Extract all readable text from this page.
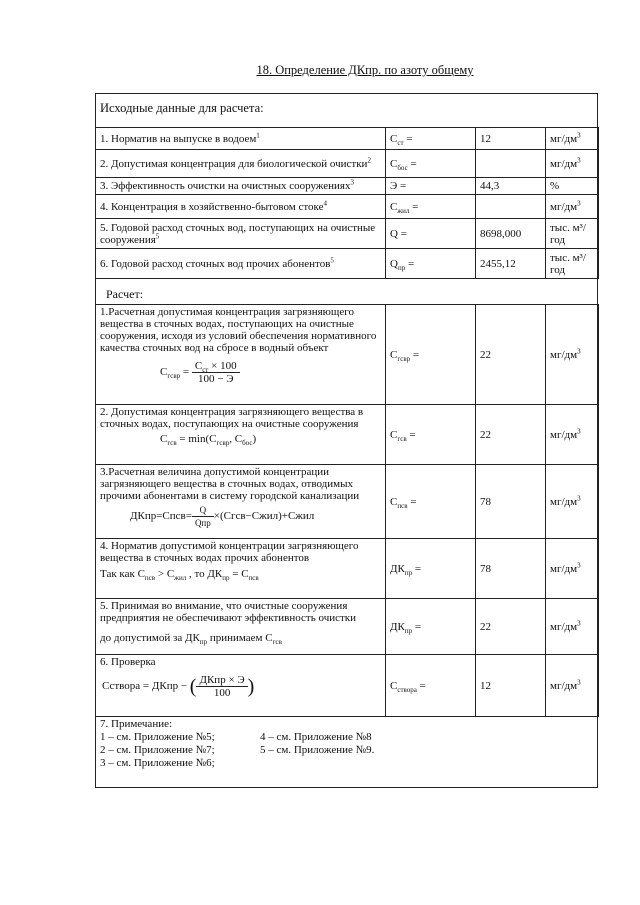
18. Определение ДКпр. по азоту общему
Исходные данные для расчета:
1. Норматив на выпуске в водоем$^1$	$С_{ст}$ =	12	$мг/дм^3$
2. Допустимая концентрация для биологической очистки$^2$	$С_{бос}$ =		$мг/дм^3$
3. Эффективность очистки на очистных сооружениях$^3$	Э =	44,3	%
4. Концентрация в хозяйственно-бытовом стоке$^4$	$С_{жил}$ =		$мг/дм^3$
5. Годовой расход сточных вод, поступающих на очистные сооружения$^5$	Q =	8698,000	тыс. м³/год
6. Годовой расход сточных вод прочих абонентов$^5$	$Q_{пр}$ =	2455,12	тыс. м³/год
Расчет:
1.Расчетная допустимая концентрация загрязняющего вещества в сточных водах, поступающих на очистные сооружения, исходя из условий обеспечения нормативного качества сточных вод на сбросе в водный объект
$С_{гсвр} = \frac{С_{ст} \times 100}{100 - Э}$	$С_{гсвр}$ =	22	$мг/дм^3$

2. Допустимая концентрация загрязняющего вещества в сточных водах, поступающих на очистные сооружения
$С_{гсв} = \min(С_{гсвр}$, $С_{бос}$)	$С_{гсв}$ =	22	$мг/дм^3$

3.Расчетная величина допустимой концентрации загрязняющего вещества в сточных водах, отводимых прочими абонентами в систему городской канализации
ДКпр=Спсв= $\frac{Q}{\text{Qпр}}$ ×(Сгсв−Сжил)+Сжил	$С_{псв}$ =	78	$мг/дм^3$

4. Норматив допустимой концентрации загрязняющего вещества в сточных водах прочих абонентов
Так как $С_{псв} > С_{жил}$ , то $ДК_{пр} = С_{псв}$	$ДК_{пр}$ =	78	$мг/дм^3$

5. Принимая во внимание, что очистные сооружения предприятия не обеспечивают эффективность очистки
до допустимой за $ДК_{пр}$ принимаем $С_{гсв}$	$ДК_{пр}$ =	22	$мг/дм^3$

6. Проверка
Сстворa = ДКпр − ( $\frac{\text{ДКпр × Э}}{100}$ )	$С_{створа}$ =	12	$мг/дм^3$
7. Примечание:
1 – см. Приложение №5;
2 – см. Приложение №7;
3 – см. Приложение №6;
4 – см. Приложение №8
5 – см. Приложение №9.
